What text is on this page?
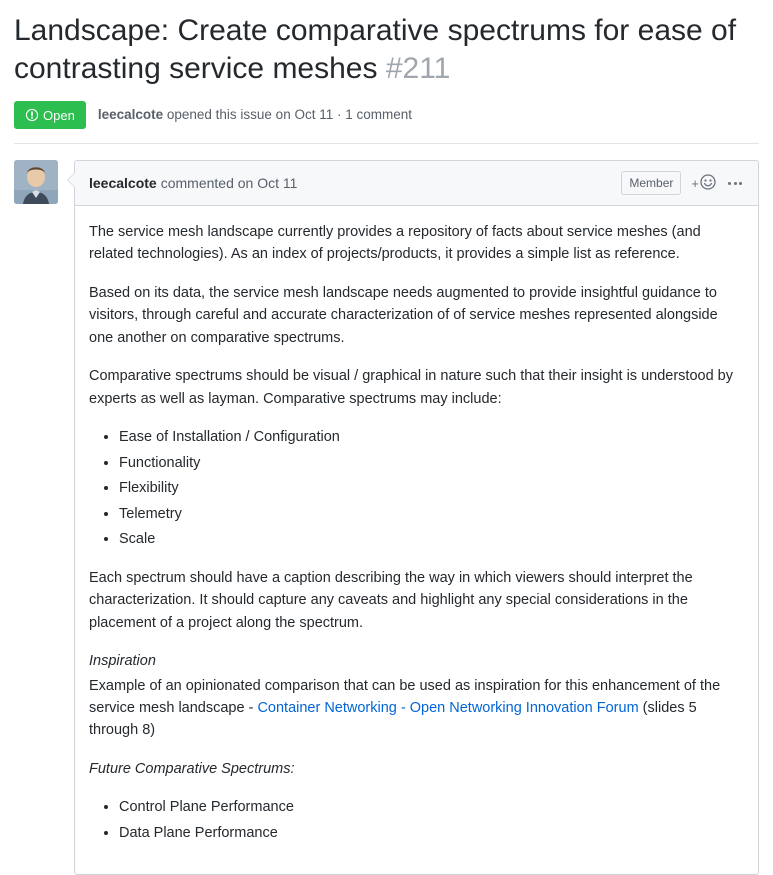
Landscape: Create comparative spectrums for ease of contrasting service meshes #211
Open leecalcote opened this issue on Oct 11 · 1 comment
leecalcote commented on Oct 11	Member	+

The service mesh landscape currently provides a repository of facts about service meshes (and related technologies). As an index of projects/products, it provides a simple list as reference.

Based on its data, the service mesh landscape needs augmented to provide insightful guidance to visitors, through careful and accurate characterization of of service meshes represented alongside one another on comparative spectrums.

Comparative spectrums should be visual / graphical in nature such that their insight is understood by experts as well as layman. Comparative spectrums may include:

• Ease of Installation / Configuration
• Functionality
• Flexibility
• Telemetry
• Scale

Each spectrum should have a caption describing the way in which viewers should interpret the characterization. It should capture any caveats and highlight any special considerations in the placement of a project along the spectrum.

Inspiration

Example of an opinionated comparison that can be used as inspiration for this enhancement of the service mesh landscape - Container Networking - Open Networking Innovation Forum (slides 5 through 8)

Future Comparative Spectrums:

• Control Plane Performance
• Data Plane Performance
